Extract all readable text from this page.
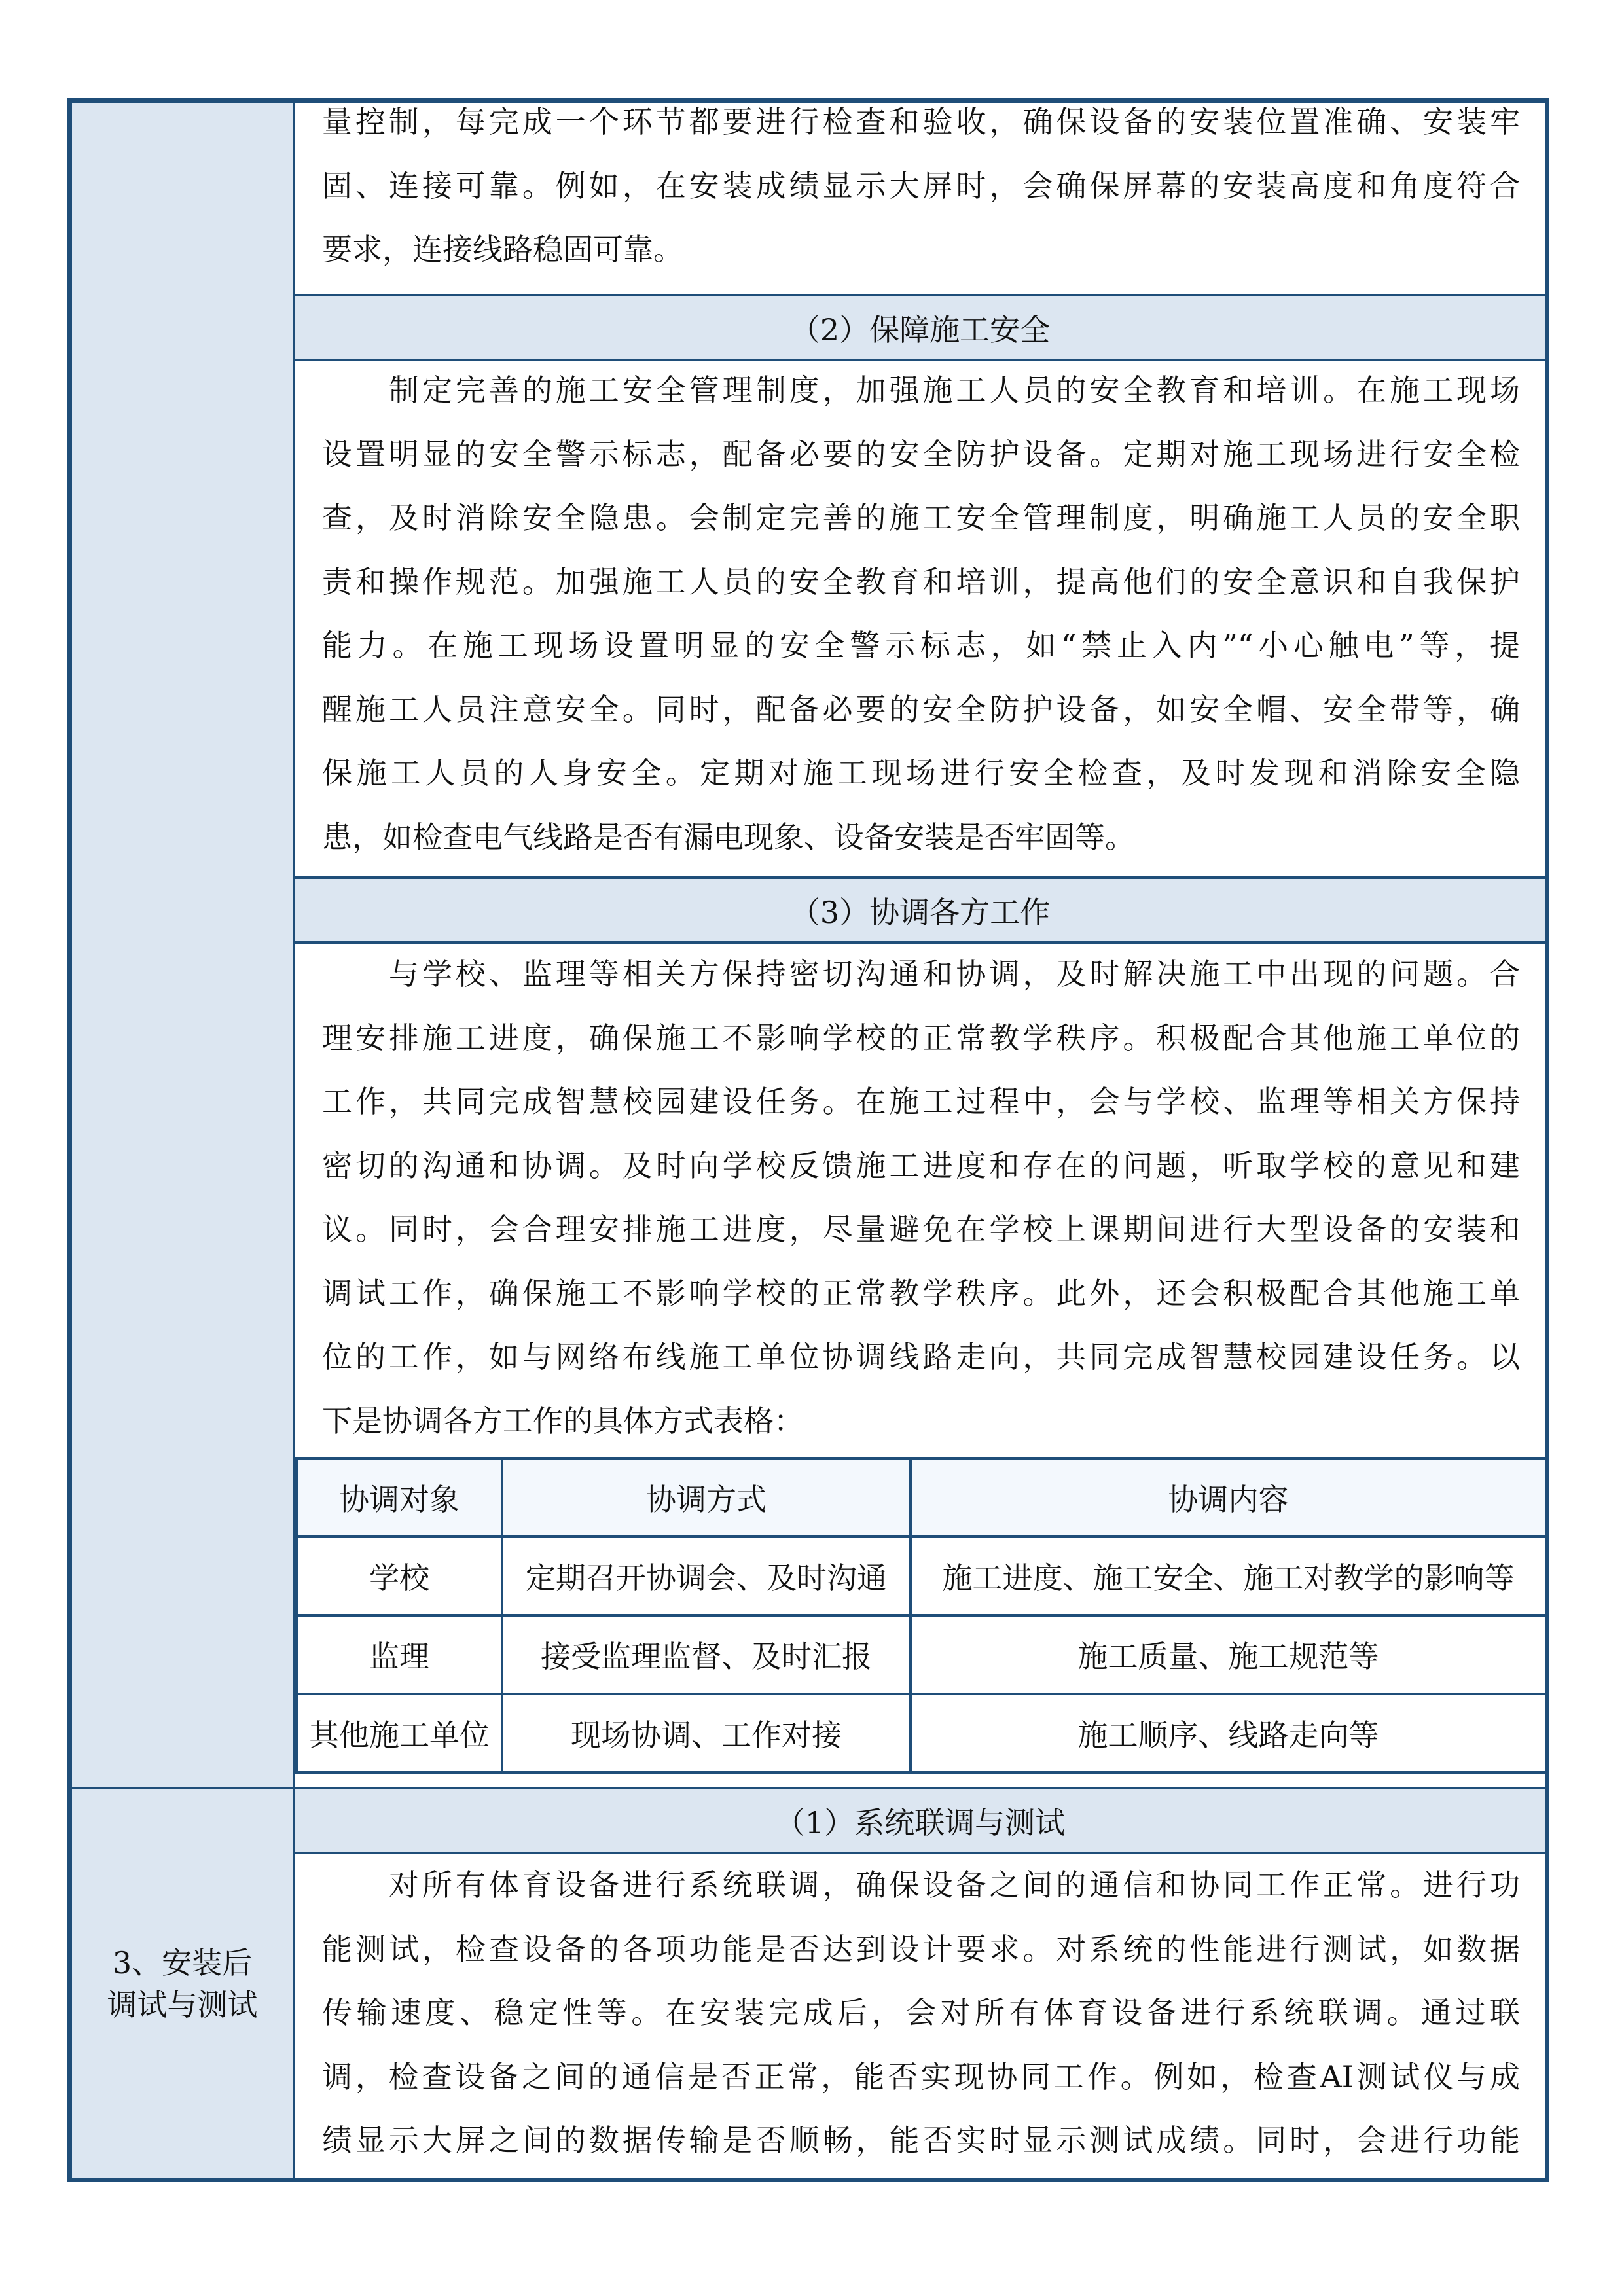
（2）保障施工安全
（3）协调各方工作
（1）系统联调与测试
量控制，每完成一个环节都要进行检查和验收，确保设备的安装位置准确、安装牢
固、连接可靠。例如，在安装成绩显示大屏时，会确保屏幕的安装高度和角度符合
要求，连接线路稳固可靠。
　　制定完善的施工安全管理制度，加强施工人员的安全教育和培训。在施工现场
设置明显的安全警示标志，配备必要的安全防护设备。定期对施工现场进行安全检
查，及时消除安全隐患。会制定完善的施工安全管理制度，明确施工人员的安全职
责和操作规范。加强施工人员的安全教育和培训，提高他们的安全意识和自我保护
能力。在施工现场设置明显的安全警示标志，如“禁止入内”“小心触电”等，提
醒施工人员注意安全。同时，配备必要的安全防护设备，如安全帽、安全带等，确
保施工人员的人身安全。定期对施工现场进行安全检查，及时发现和消除安全隐
患，如检查电气线路是否有漏电现象、设备安装是否牢固等。
　　与学校、监理等相关方保持密切沟通和协调，及时解决施工中出现的问题。合
理安排施工进度，确保施工不影响学校的正常教学秩序。积极配合其他施工单位的
工作，共同完成智慧校园建设任务。在施工过程中，会与学校、监理等相关方保持
密切的沟通和协调。及时向学校反馈施工进度和存在的问题，听取学校的意见和建
议。同时，会合理安排施工进度，尽量避免在学校上课期间进行大型设备的安装和
调试工作，确保施工不影响学校的正常教学秩序。此外，还会积极配合其他施工单
位的工作，如与网络布线施工单位协调线路走向，共同完成智慧校园建设任务。以
下是协调各方工作的具体方式表格：
协调对象	协调方式	协调内容
学校	定期召开协调会、及时沟通	施工进度、施工安全、施工对教学的影响等
监理	接受监理监督、及时汇报	施工质量、施工规范等
其他施工单位	现场协调、工作对接	施工顺序、线路走向等
3、安装后
调试与测试
　　对所有体育设备进行系统联调，确保设备之间的通信和协同工作正常。进行功
能测试，检查设备的各项功能是否达到设计要求。对系统的性能进行测试，如数据
传输速度、稳定性等。在安装完成后，会对所有体育设备进行系统联调。通过联
调，检查设备之间的通信是否正常，能否实现协同工作。例如，检查AI测试仪与成
绩显示大屏之间的数据传输是否顺畅，能否实时显示测试成绩。同时，会进行功能
